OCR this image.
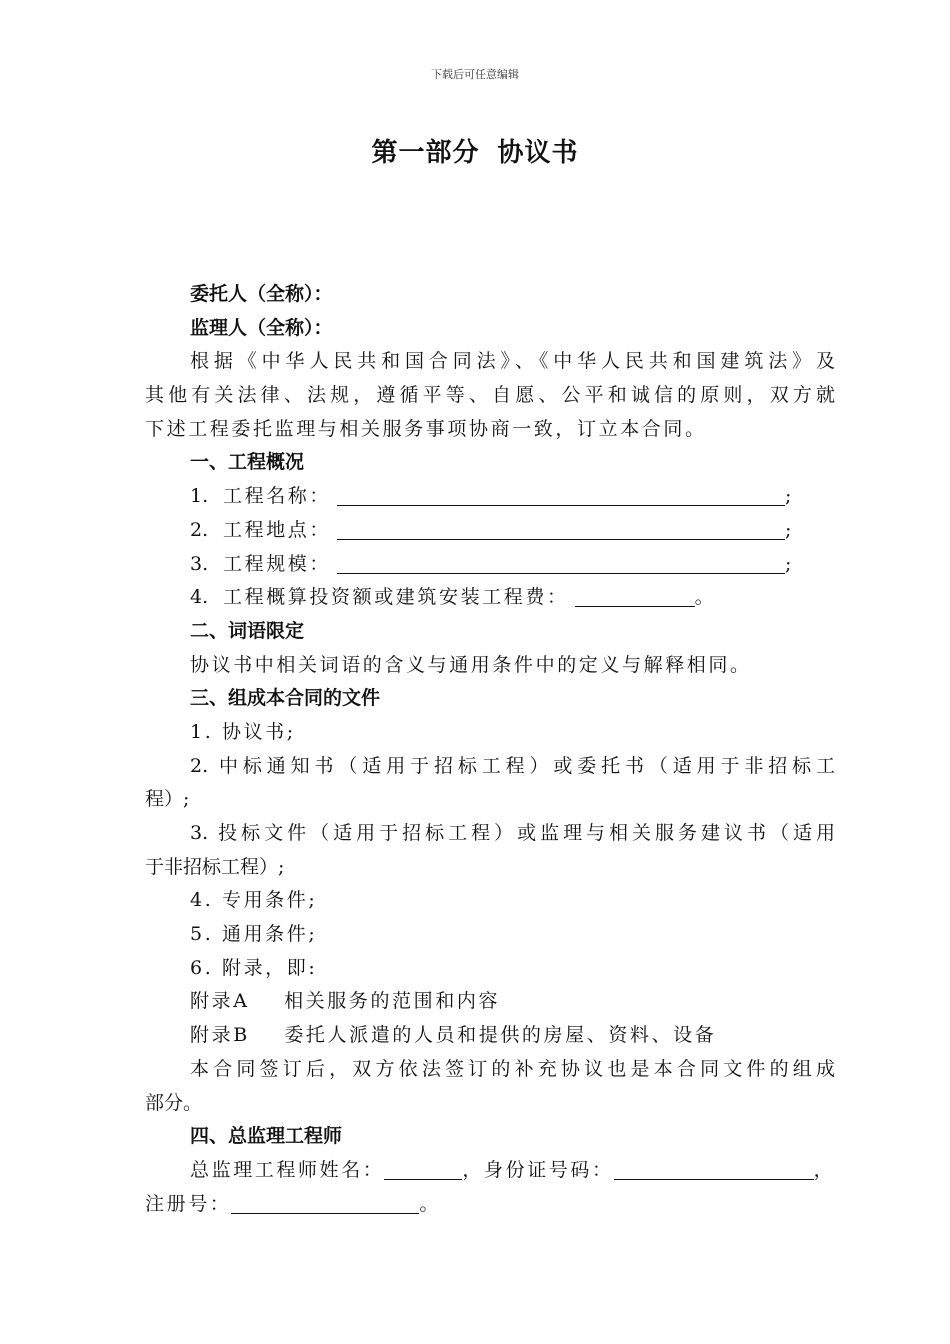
下载后可任意编辑
第一部分 协议书
委托人（全称）：
监理人（全称）：
根据《中华人民共和国合同法》、《中华人民共和国建筑法》及
其他有关法律、法规，遵循平等、自愿、公平和诚信的原则，双方就
下述工程委托监理与相关服务事项协商一致，订立本合同。
一、工程概况
1. 工程名称：	;
2. 工程地点：	;
3. 工程规模：	;
4. 工程概算投资额或建筑安装工程费：	。
二、词语限定
协议书中相关词语的含义与通用条件中的定义与解释相同。
三、组成本合同的文件
1. 协议书;
2. 中标通知书（适用于招标工程）或委托书（适用于非招标工
程）;
3. 投标文件（适用于招标工程）或监理与相关服务建议书（适用
于非招标工程）;
4. 专用条件;
5. 通用条件;
6. 附录，即:
附录A    相关服务的范围和内容
附录B    委托人派遣的人员和提供的房屋、资料、设备
本合同签订后，双方依法签订的补充协议也是本合同文件的组成
部分。
四、总监理工程师
总监理工程师姓名：	，身份证号码：	，
注册号：	。
